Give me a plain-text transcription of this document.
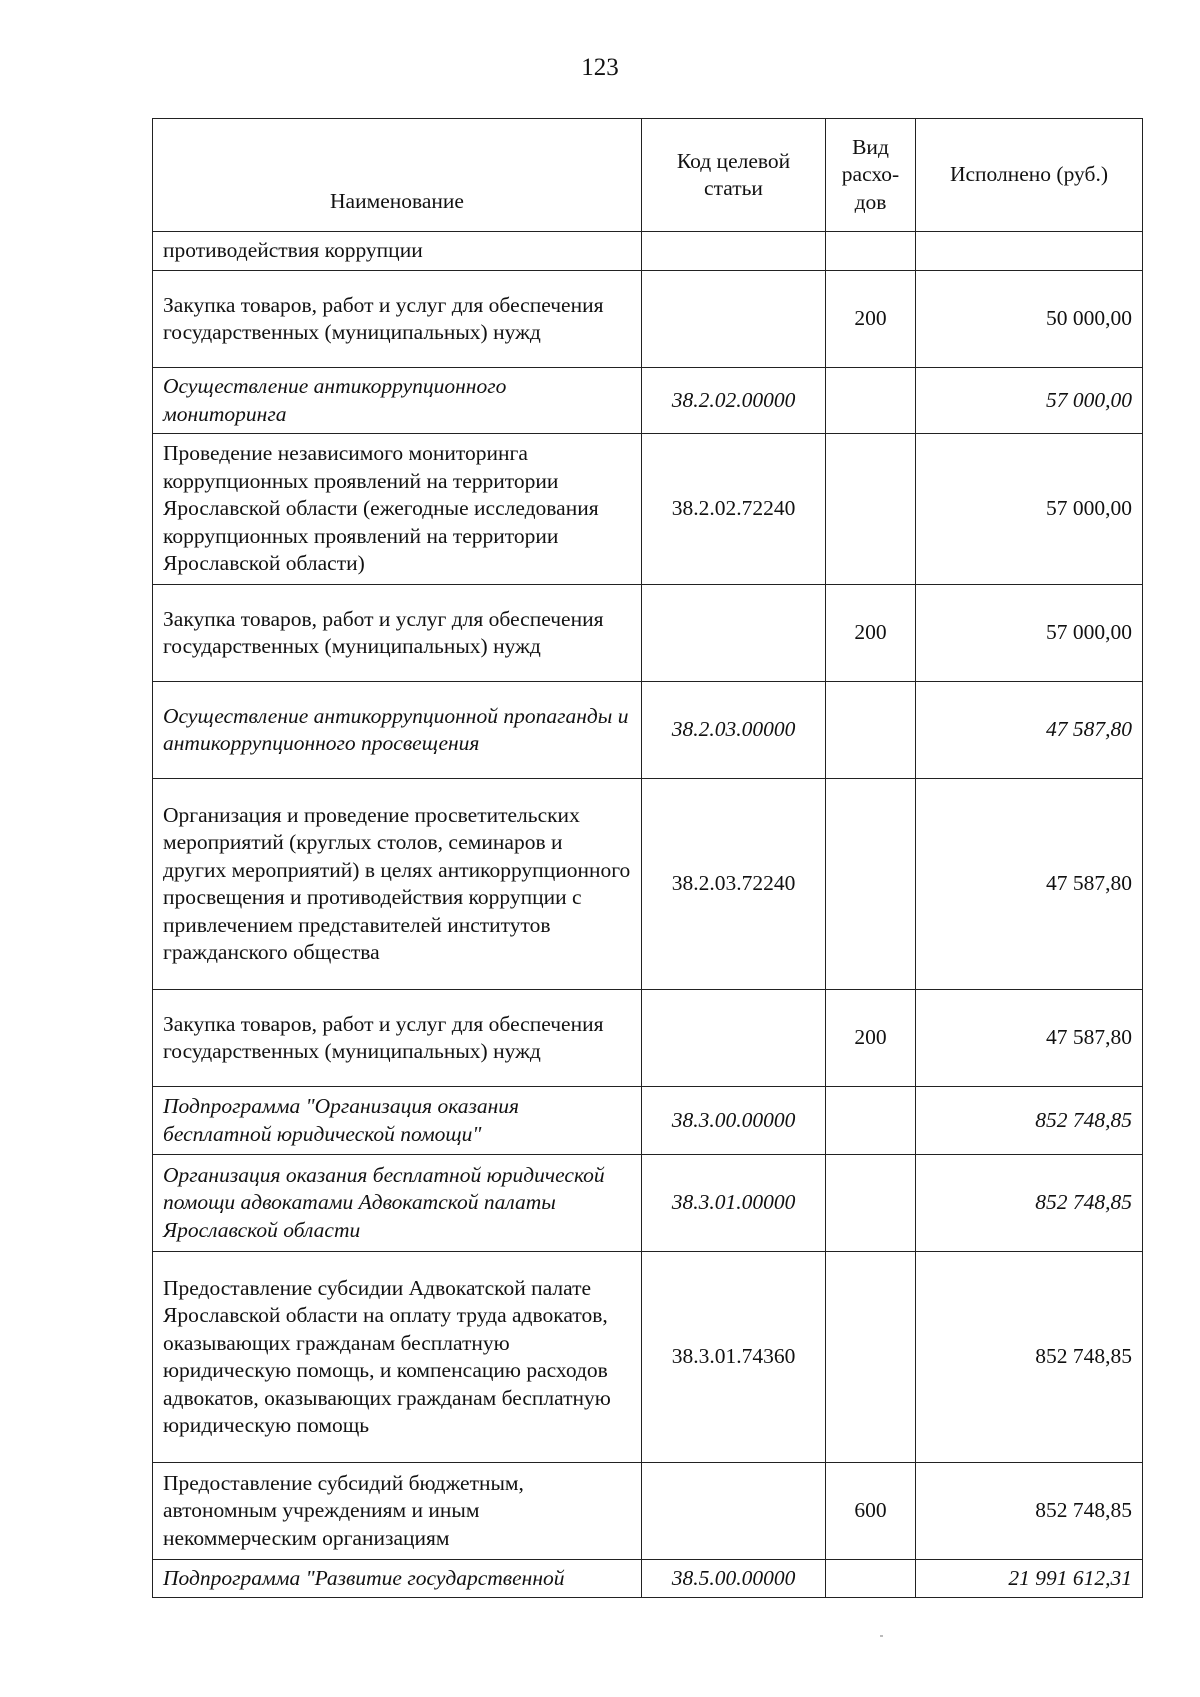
123
Наименование	Код целевой статьи	Вид расхо-дов	Исполнено (руб.)
противодействия коррупции			
Закупка товаров, работ и услуг для обеспечения государственных (муниципальных) нужд		200	50 000,00
Осуществление антикоррупционного мониторинга	38.2.02.00000		57 000,00
Проведение независимого мониторинга коррупционных проявлений на территории Ярославской области (ежегодные исследования коррупционных проявлений на территории Ярославской области)	38.2.02.72240		57 000,00
Закупка товаров, работ и услуг для обеспечения государственных (муниципальных) нужд		200	57 000,00
Осуществление антикоррупционной пропаганды и антикоррупционного просвещения	38.2.03.00000		47 587,80
Организация и проведение просветительских мероприятий (круглых столов, семинаров и других мероприятий) в целях антикоррупционного просвещения и противодействия коррупции с привлечением представителей институтов гражданского общества	38.2.03.72240		47 587,80
Закупка товаров, работ и услуг для обеспечения государственных (муниципальных) нужд		200	47 587,80
Подпрограмма "Организация оказания бесплатной юридической помощи"	38.3.00.00000		852 748,85
Организация оказания бесплатной юридической помощи адвокатами Адвокатской палаты Ярославской области	38.3.01.00000		852 748,85
Предоставление субсидии Адвокатской палате Ярославской области на оплату труда адвокатов, оказывающих гражданам бесплатную юридическую помощь, и компенсацию расходов адвокатов, оказывающих гражданам бесплатную юридическую помощь	38.3.01.74360		852 748,85
Предоставление субсидий бюджетным, автономным учреждениям и иным некоммерческим организациям		600	852 748,85
Подпрограмма "Развитие государственной	38.5.00.00000		21 991 612,31
